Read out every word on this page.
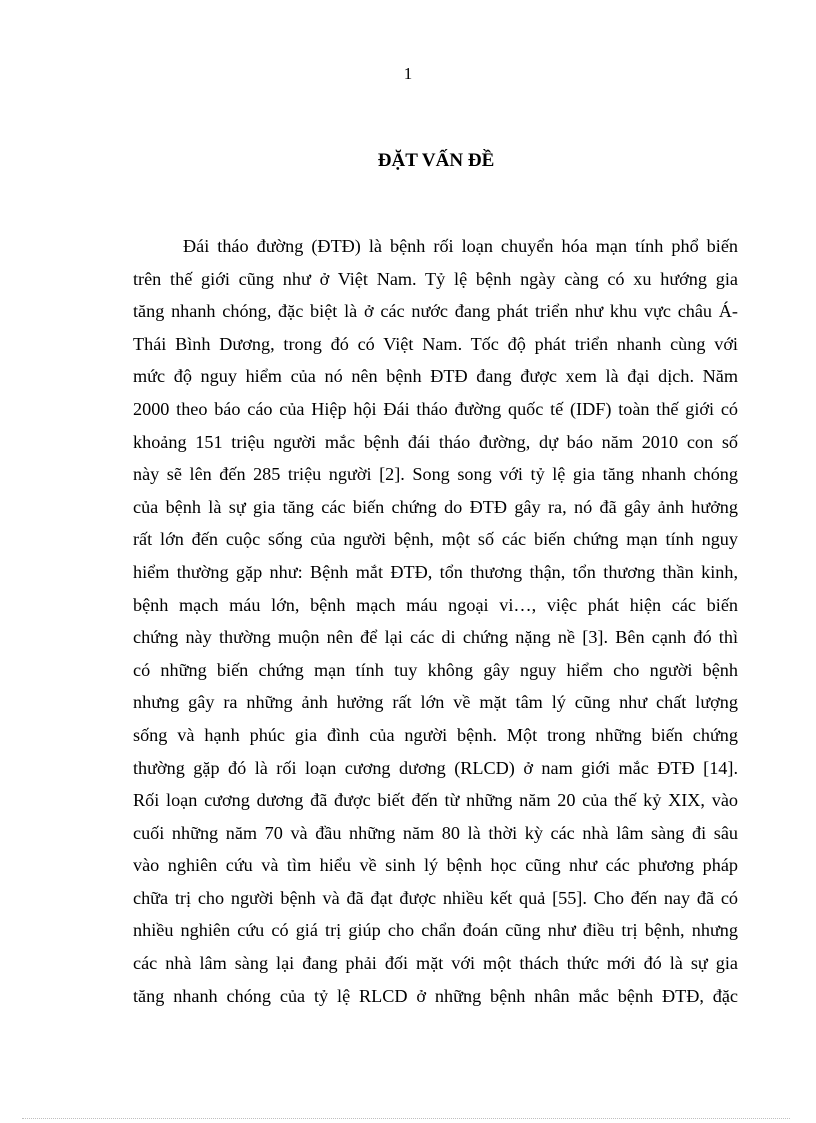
1
ĐẶT VẤN ĐỀ

Đái tháo đường (ĐTĐ) là bệnh rối loạn chuyển hóa mạn tính phổ biến
trên thế giới cũng như ở Việt Nam. Tỷ lệ bệnh ngày càng có xu hướng gia
tăng nhanh chóng, đặc biệt là ở các nước đang phát triển như khu vực châu Á-
Thái Bình Dương, trong đó có Việt Nam. Tốc độ phát triển nhanh cùng với
mức độ nguy hiểm của nó nên bệnh ĐTĐ đang được xem là đại dịch. Năm
2000 theo báo cáo của Hiệp hội Đái tháo đường quốc tế (IDF) toàn thế giới có
khoảng 151 triệu người mắc bệnh đái tháo đường, dự báo năm 2010 con số
này sẽ lên đến 285 triệu người [2]. Song song với tỷ lệ gia tăng nhanh chóng
của bệnh là sự gia tăng các biến chứng do ĐTĐ gây ra, nó đã gây ảnh hưởng
rất lớn đến cuộc sống của người bệnh, một số các biến chứng mạn tính nguy
hiểm thường gặp như: Bệnh mắt ĐTĐ, tổn thương thận, tổn thương thần kinh,
bệnh mạch máu lớn, bệnh mạch máu ngoại vi…, việc phát hiện các biến
chứng này thường muộn nên để lại các di chứng nặng nề [3]. Bên cạnh đó thì
có những biến chứng mạn tính tuy không gây nguy hiểm cho người bệnh
nhưng gây ra những ảnh hưởng rất lớn về mặt tâm lý cũng như chất lượng
sống và hạnh phúc gia đình của người bệnh. Một trong những biến chứng
thường gặp đó là rối loạn cương dương (RLCD) ở nam giới mắc ĐTĐ [14].
Rối loạn cương dương đã được biết đến từ những năm 20 của thế kỷ XIX, vào
cuối những năm 70 và đầu những năm 80 là thời kỳ các nhà lâm sàng đi sâu
vào nghiên cứu và tìm hiểu về sinh lý bệnh học cũng như các phương pháp
chữa trị cho người bệnh và đã đạt được nhiều kết quả [55]. Cho đến nay đã có
nhiều nghiên cứu có giá trị giúp cho chẩn đoán cũng như điều trị bệnh, nhưng
các nhà lâm sàng lại đang phải đối mặt với một thách thức mới đó là sự gia
tăng nhanh chóng của tỷ lệ RLCD ở những bệnh nhân mắc bệnh ĐTĐ, đặc
